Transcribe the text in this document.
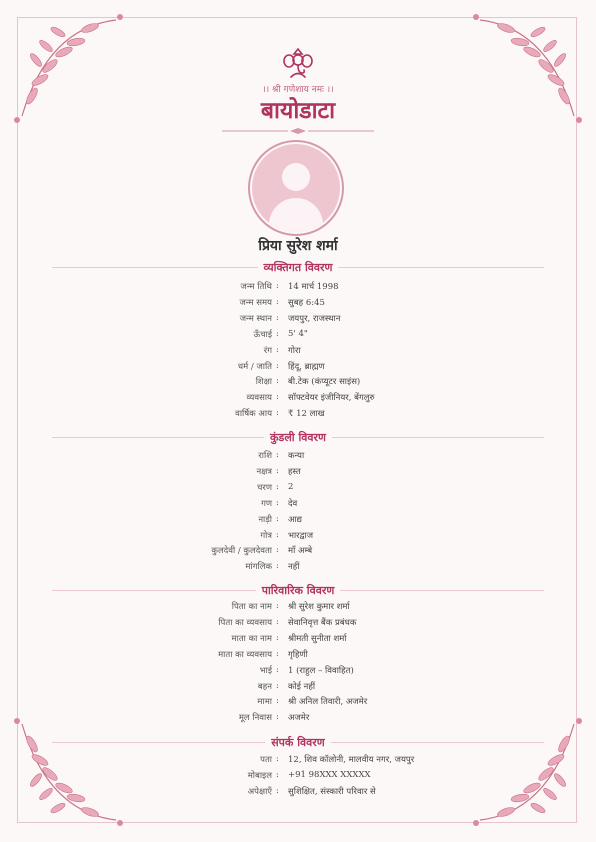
।। श्री गणेशाय नमः ।।
बायोडाटा
प्रिया सुरेश शर्मा
व्यक्तिगत विवरण
जन्म तिथि : 14 मार्च 1998
जन्म समय : सुबह 6:45
जन्म स्थान : जयपुर, राजस्थान
ऊँचाई : 5' 4"
रंग : गोरा
धर्म / जाति : हिंदू, ब्राह्मण
शिक्षा : बी.टेक (कंप्यूटर साइंस)
व्यवसाय : सॉफ्टवेयर इंजीनियर, बेंगलुरु
वार्षिक आय : ₹ 12 लाख
कुंडली विवरण
राशि : कन्या
नक्षत्र : हस्त
चरण : 2
गण : देव
नाड़ी : आद्य
गोत्र : भारद्वाज
कुलदेवी / कुलदेवता : माँ अम्बे
मांगलिक : नहीं
पारिवारिक विवरण
पिता का नाम : श्री सुरेश कुमार शर्मा
पिता का व्यवसाय : सेवानिवृत्त बैंक प्रबंधक
माता का नाम : श्रीमती सुनीता शर्मा
माता का व्यवसाय : गृहिणी
भाई : 1 (राहुल – विवाहित)
बहन : कोई नहीं
मामा : श्री अनिल तिवारी, अजमेर
मूल निवास : अजमेर
संपर्क विवरण
पता : 12, शिव कॉलोनी, मालवीय नगर, जयपुर
मोबाइल : +91 98XXX XXXXX
अपेक्षाएँ : सुशिक्षित, संस्कारी परिवार से
